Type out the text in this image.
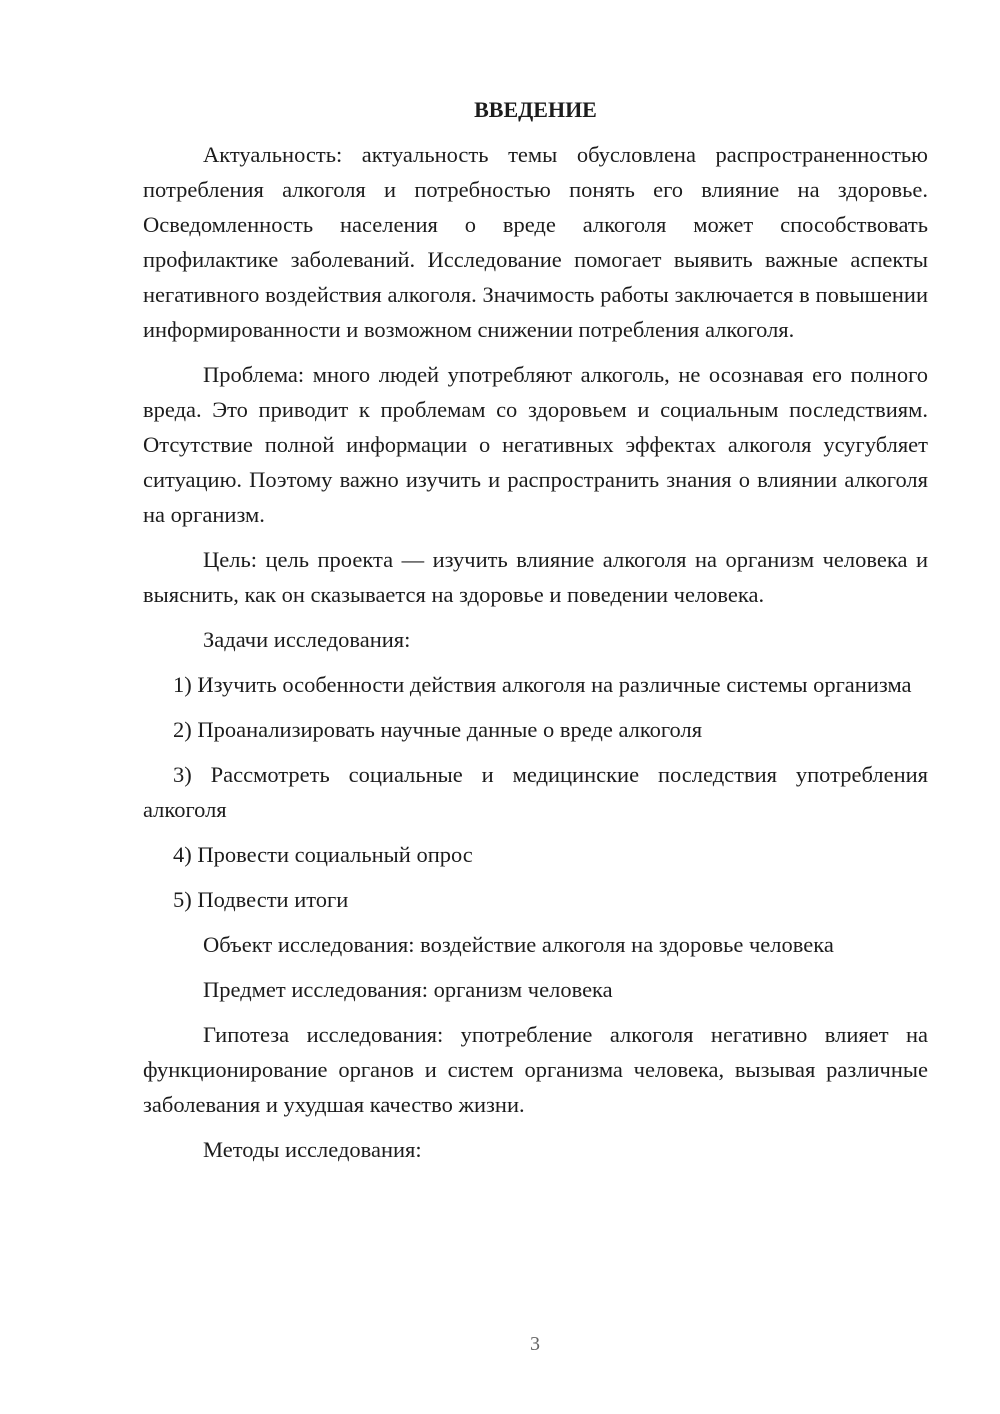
ВВЕДЕНИЕ

Актуальность: актуальность темы обусловлена распространенностью потребления алкоголя и потребностью понять его влияние на здоровье. Осведомленность населения о вреде алкоголя может способствовать профилактике заболеваний. Исследование помогает выявить важные аспекты негативного воздействия алкоголя. Значимость работы заключается в повышении информированности и возможном снижении потребления алкоголя.

Проблема: много людей употребляют алкоголь, не осознавая его полного вреда. Это приводит к проблемам со здоровьем и социальным последствиям. Отсутствие полной информации о негативных эффектах алкоголя усугубляет ситуацию. Поэтому важно изучить и распространить знания о влиянии алкоголя на организм.

Цель: цель проекта — изучить влияние алкоголя на организм человека и выяснить, как он сказывается на здоровье и поведении человека.

Задачи исследования:

1) Изучить особенности действия алкоголя на различные системы организма

2) Проанализировать научные данные о вреде алкоголя

3) Рассмотреть социальные и медицинские последствия употребления алкоголя

4) Провести социальный опрос

5) Подвести итоги

Объект исследования: воздействие алкоголя на здоровье человека

Предмет исследования: организм человека

Гипотеза исследования: употребление алкоголя негативно влияет на функционирование органов и систем организма человека, вызывая различные заболевания и ухудшая качество жизни.

Методы исследования:

3
